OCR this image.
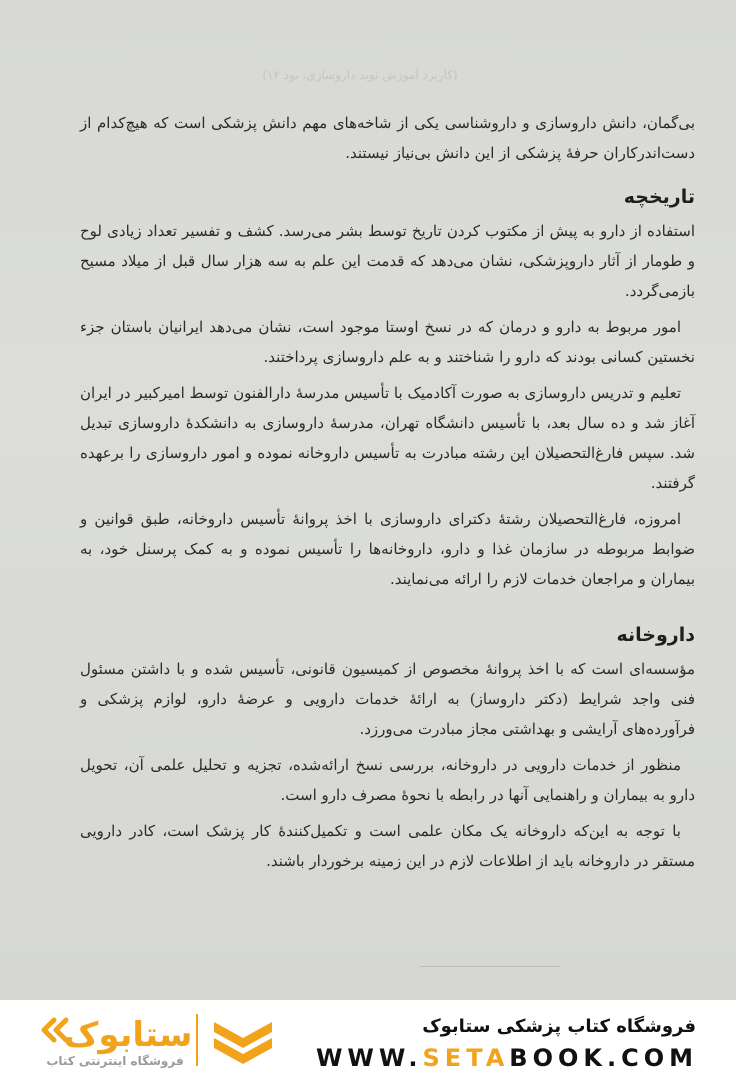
(کاربرد آموزش نوید داروسازی، بود ۱۲)

بی‌گمان، دانش داروسازی و داروشناسی یکی از شاخه‌های مهم دانش پزشکی است که هیچ‌کدام از دست‌اندرکاران حرفهٔ پزشکی از این دانش بی‌نیاز نیستند.

تاریخچه

استفاده از دارو به پیش از مکتوب کردن تاریخ توسط بشر می‌رسد. کشف و تفسیر تعداد زیادی لوح و طومار از آثار داروپزشکی، نشان می‌دهد که قدمت این علم به سه هزار سال قبل از میلاد مسیح بازمی‌گردد.

امور مربوط به دارو و درمان که در نسخ اوستا موجود است، نشان می‌دهد ایرانیان باستان جزء نخستین کسانی بودند که دارو را شناختند و به علم داروسازی پرداختند.

تعلیم و تدریس داروسازی به صورت آکادمیک با تأسیس مدرسهٔ دارالفنون توسط امیرکبیر در ایران آغاز شد و ده سال بعد، با تأسیس دانشگاه تهران، مدرسهٔ داروسازی به دانشکدهٔ داروسازی تبدیل شد. سپس فارغ‌التحصیلان این رشته مبادرت به تأسیس داروخانه نموده و امور داروسازی را برعهده گرفتند.

امروزه، فارغ‌التحصیلان رشتهٔ دکترای داروسازی با اخذ پروانهٔ تأسیس داروخانه، طبق قوانین و ضوابط مربوطه در سازمان غذا و دارو، داروخانه‌ها را تأسیس نموده و به کمک پرسنل خود، به بیماران و مراجعان خدمات لازم را ارائه می‌نمایند.

داروخانه

مؤسسه‌ای است که با اخذ پروانهٔ مخصوص از کمیسیون قانونی، تأسیس شده و با داشتن مسئول فنی واجد شرایط (دکتر داروساز) به ارائهٔ خدمات دارویی و عرضهٔ دارو، لوازم پزشکی و فرآورده‌های آرایشی و بهداشتی مجاز مبادرت می‌ورزد.

منظور از خدمات دارویی در داروخانه، بررسی نسخ ارائه‌شده، تجزیه و تحلیل علمی آن، تحویل دارو به بیماران و راهنمایی آنها در رابطه با نحوهٔ مصرف دارو است.

با توجه به این‌که داروخانه یک مکان علمی است و تکمیل‌کنندهٔ کار پزشک است، کادر دارویی مستقر در داروخانه باید از اطلاعات لازم در این زمینه برخوردار باشند.

ستابوک
فروشگاه اینترنتی کتاب
فروشگاه کتاب پزشکی ستابوک
WWW.SETABOOK.COM
